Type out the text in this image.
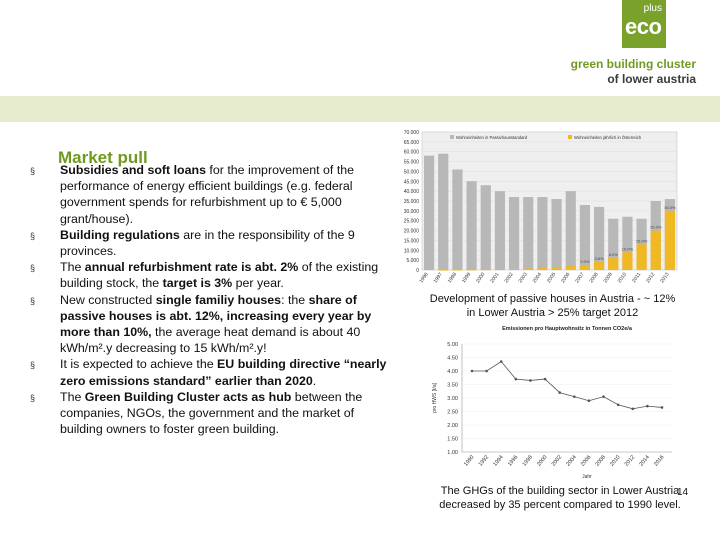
plus
eco
green building cluster
of lower austria
Market pull
§ Subsidies and soft loans for the improvement of the performance of energy efficient buildings (e.g. federal government spends for refurbishment up to € 5,000 grant/house).
§ Building regulations are in the responsibility of the 9 provinces.
§ The annual refurbishment rate is abt. 2% of the existing building stock, the target is 3% per year.
§ New constructed single familiy houses: the share of passive houses is abt. 12%, increasing every year by more than 10%, the average heat demand is about 40 kWh/m².y decreasing to 15 kWh/m².y!
§ It is expected to achieve the EU building directive “nearly zero emissions standard” earlier than 2020.
§ The Green Building Cluster acts as hub between the companies, NGOs, the government and the market of building owners to foster green building.
0
5.000
10.000
15.000
20.000
25.000
30.000
35.000
40.000
45.000
50.000
55.000
60.000
65.000
70.000
Wohneinheiten in Passivhausstandard	Wohneinheiten jährlich in Österreich
1996 1997 1998 1999 2000 2001 2002 2003 2004 2005 2006 2007 2008 2009 2010 2011 2012 2013
2.0%
3.6%
6.0%
10.0%
15.0%
25.0%
30.0%
Development of passive houses in Austria - ~ 12% in Lower Austria > 25% target 2012
Emissionen pro Hauptwohnsitz in Tonnen CO2e/a
1.00
1.50
2.00
2.50
3.00
3.50
4.00
4.50
5.00
1990 1992 1994 1996 1998 2000 2002 2004 2006 2008 2010 2012 2014 2016
Jahr
pro HWS [t/a]
The GHGs of the building sector in Lower Austria decreased by 35 percent compared to 1990 level.
14
